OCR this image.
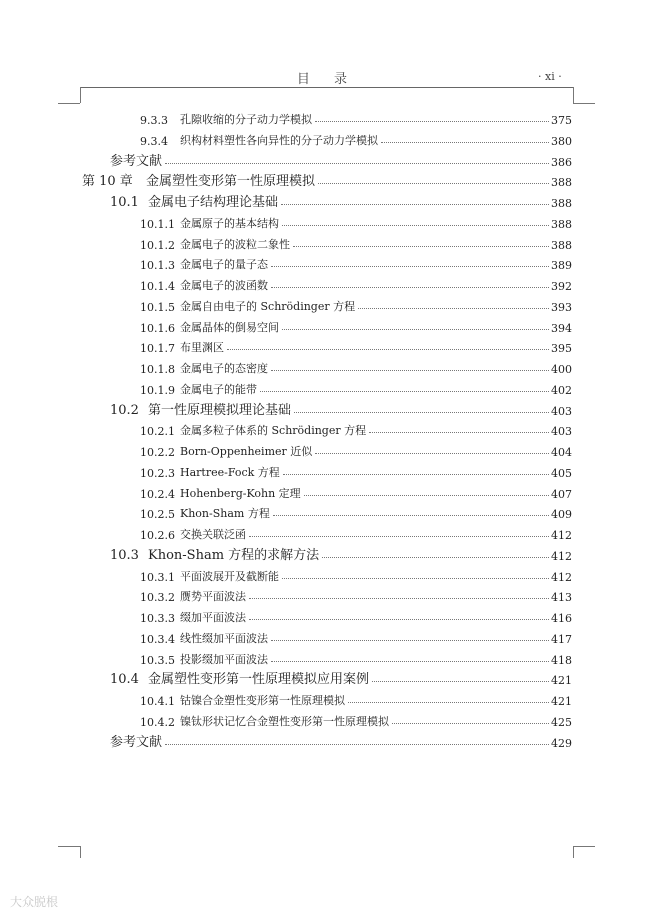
目 录	· xi ·
9.3.3	孔隙收缩的分子动力学模拟	375
9.3.4	织构材料塑性各向异性的分子动力学模拟	380
参考文献	386
第 10 章	金属塑性变形第一性原理模拟	388
10.1 金属电子结构理论基础	388
10.1.1 金属原子的基本结构	388
10.1.2 金属电子的波粒二象性	388
10.1.3 金属电子的量子态	389
10.1.4 金属电子的波函数	392
10.1.5 金属自由电子的 Schrödinger 方程	393
10.1.6 金属晶体的倒易空间	394
10.1.7 布里渊区	395
10.1.8 金属电子的态密度	400
10.1.9 金属电子的能带	402
10.2 第一性原理模拟理论基础	403
10.2.1 金属多粒子体系的 Schrödinger 方程	403
10.2.2 Born-Oppenheimer 近似	404
10.2.3 Hartree-Fock 方程	405
10.2.4 Hohenberg-Kohn 定理	407
10.2.5 Khon-Sham 方程	409
10.2.6 交换关联泛函	412
10.3 Khon-Sham 方程的求解方法	412
10.3.1 平面波展开及截断能	412
10.3.2 赝势平面波法	413
10.3.3 缀加平面波法	416
10.3.4 线性缀加平面波法	417
10.3.5 投影缀加平面波法	418
10.4 金属塑性变形第一性原理模拟应用案例	421
10.4.1 钴镍合金塑性变形第一性原理模拟	421
10.4.2 镍钛形状记忆合金塑性变形第一性原理模拟	425
参考文献	429
大众脱根
